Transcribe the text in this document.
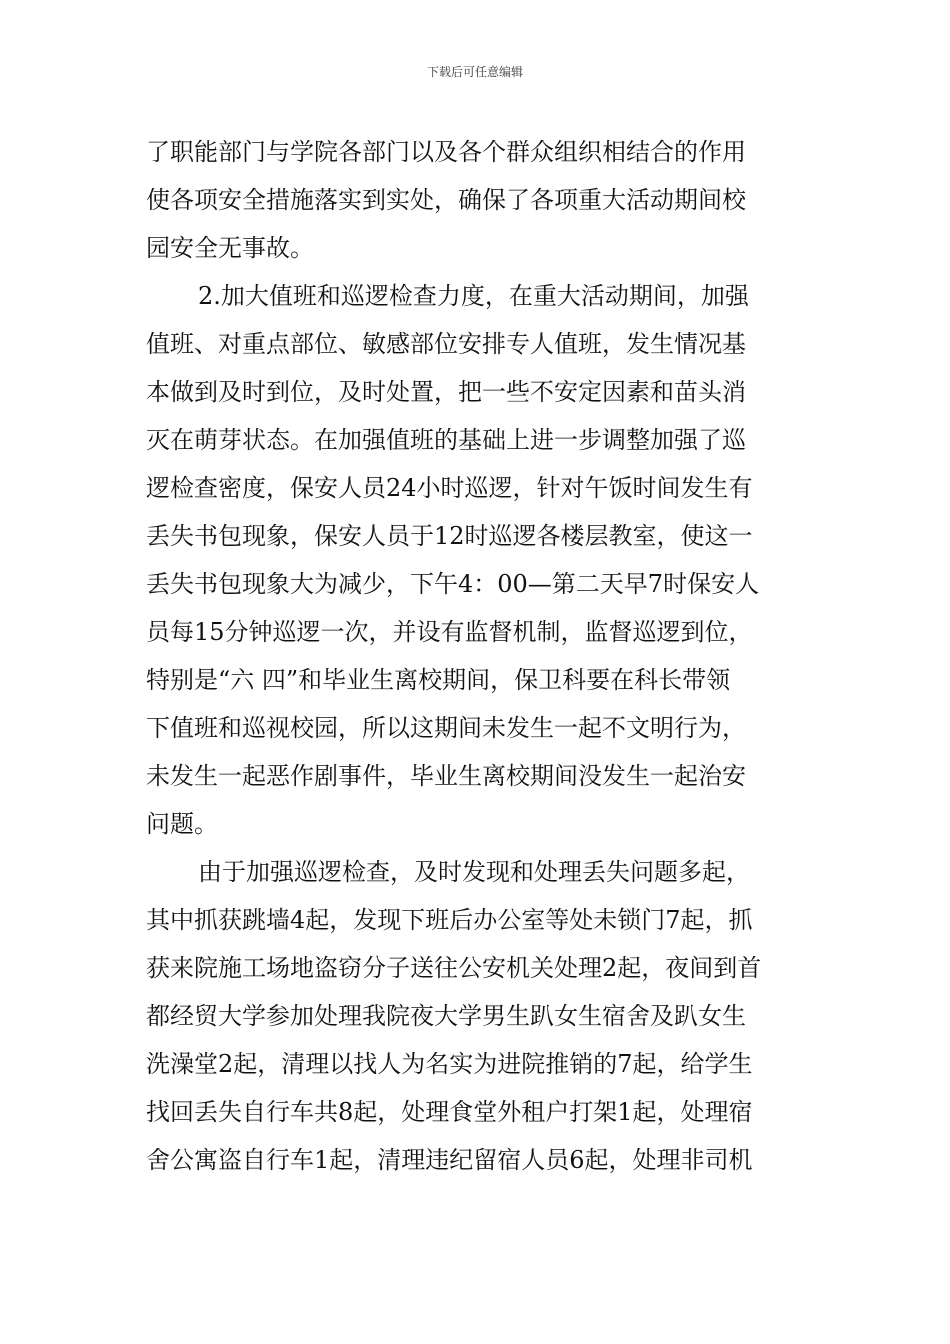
下载后可任意编辑
了职能部门与学院各部门以及各个群众组织相结合的作用
使各项安全措施落实到实处，确保了各项重大活动期间校
园安全无事故。
2.加大值班和巡逻检查力度，在重大活动期间，加强
值班、对重点部位、敏感部位安排专人值班，发生情况基
本做到及时到位，及时处置，把一些不安定因素和苗头消
灭在萌芽状态。在加强值班的基础上进一步调整加强了巡
逻检查密度，保安人员24小时巡逻，针对午饭时间发生有
丢失书包现象，保安人员于12时巡逻各楼层教室，使这一
丢失书包现象大为减少，下午4：00—第二天早7时保安人
员每15分钟巡逻一次，并设有监督机制，监督巡逻到位，
特别是“六 四”和毕业生离校期间，保卫科要在科长带领
下值班和巡视校园，所以这期间未发生一起不文明行为，
未发生一起恶作剧事件，毕业生离校期间没发生一起治安
问题。
由于加强巡逻检查，及时发现和处理丢失问题多起，
其中抓获跳墙4起，发现下班后办公室等处未锁门7起，抓
获来院施工场地盗窃分子送往公安机关处理2起，夜间到首
都经贸大学参加处理我院夜大学男生趴女生宿舍及趴女生
洗澡堂2起，清理以找人为名实为进院推销的7起，给学生
找回丢失自行车共8起，处理食堂外租户打架1起，处理宿
舍公寓盗自行车1起，清理违纪留宿人员6起，处理非司机
